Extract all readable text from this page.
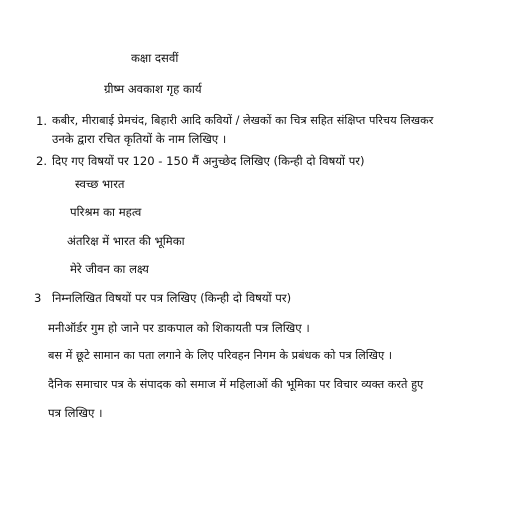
कक्षा दसवीं
ग्रीष्म अवकाश गृह कार्य
1. कबीर, मीराबाई प्रेमचंद, बिहारी आदि कवियों / लेखकों का चित्र सहित संक्षिप्त परिचय लिखकर
उनके द्वारा रचित कृतियों के नाम लिखिए ।
2. दिए गए विषयों पर 120 - 150 मैं अनुच्छेद लिखिए (किन्ही दो विषयों पर)
स्वच्छ भारत
परिश्रम का महत्व
अंतरिक्ष में भारत की भूमिका
मेरे जीवन का लक्ष्य
3 निम्नलिखित विषयों पर पत्र लिखिए (किन्ही दो विषयों पर)
मनीऑर्डर गुम हो जाने पर डाकपाल को शिकायती पत्र लिखिए ।
बस में छूटे सामान का पता लगाने के लिए परिवहन निगम के प्रबंधक को पत्र लिखिए ।
दैनिक समाचार पत्र के संपादक को समाज में महिलाओं की भूमिका पर विचार व्यक्त करते हुए
पत्र लिखिए ।
